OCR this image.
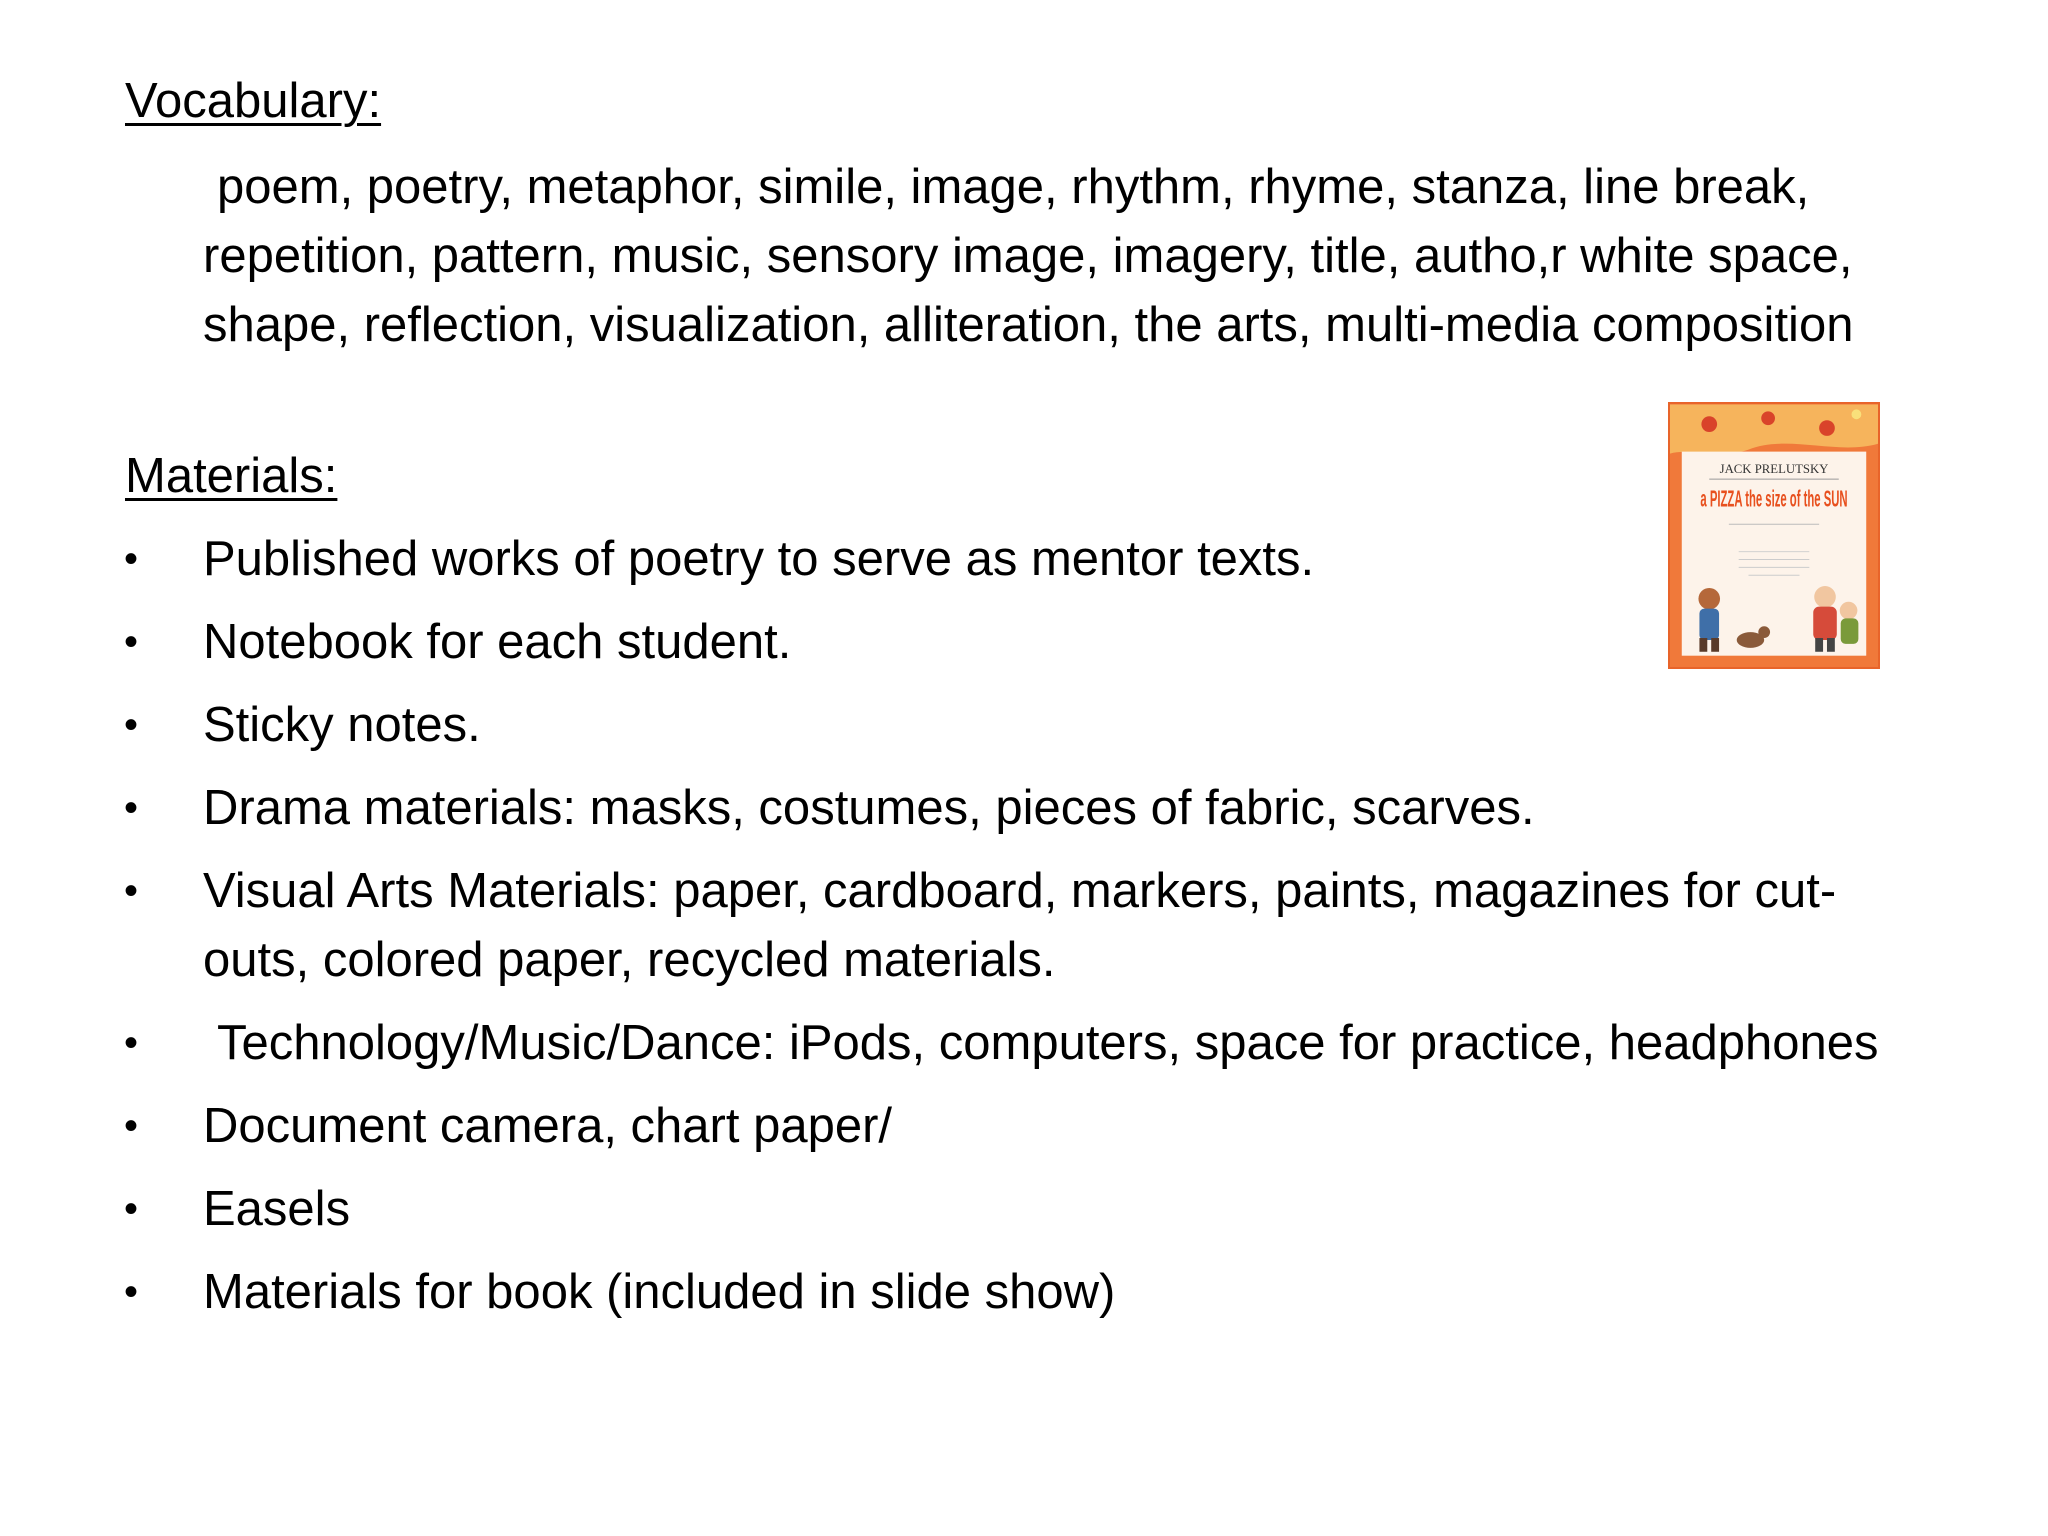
Vocabulary:

poem, poetry, metaphor, simile, image, rhythm, rhyme, stanza, line break, repetition, pattern, music, sensory image, imagery, title, autho,r white space, shape, reflection, visualization, alliteration, the arts, multi-media composition

Materials:
• Published works of poetry to serve as mentor texts.
• Notebook for each student.
• Sticky notes.
• Drama materials: masks, costumes, pieces of fabric, scarves.
• Visual Arts Materials: paper, cardboard, markers, paints, magazines for cut-outs, colored paper, recycled materials.
• Technology/Music/Dance: iPods, computers, space for practice, headphones
• Document camera, chart paper/
• Easels
• Materials for book (included in slide show)
JACK PRELUTSKY
a PIZZA the size of the SUN
